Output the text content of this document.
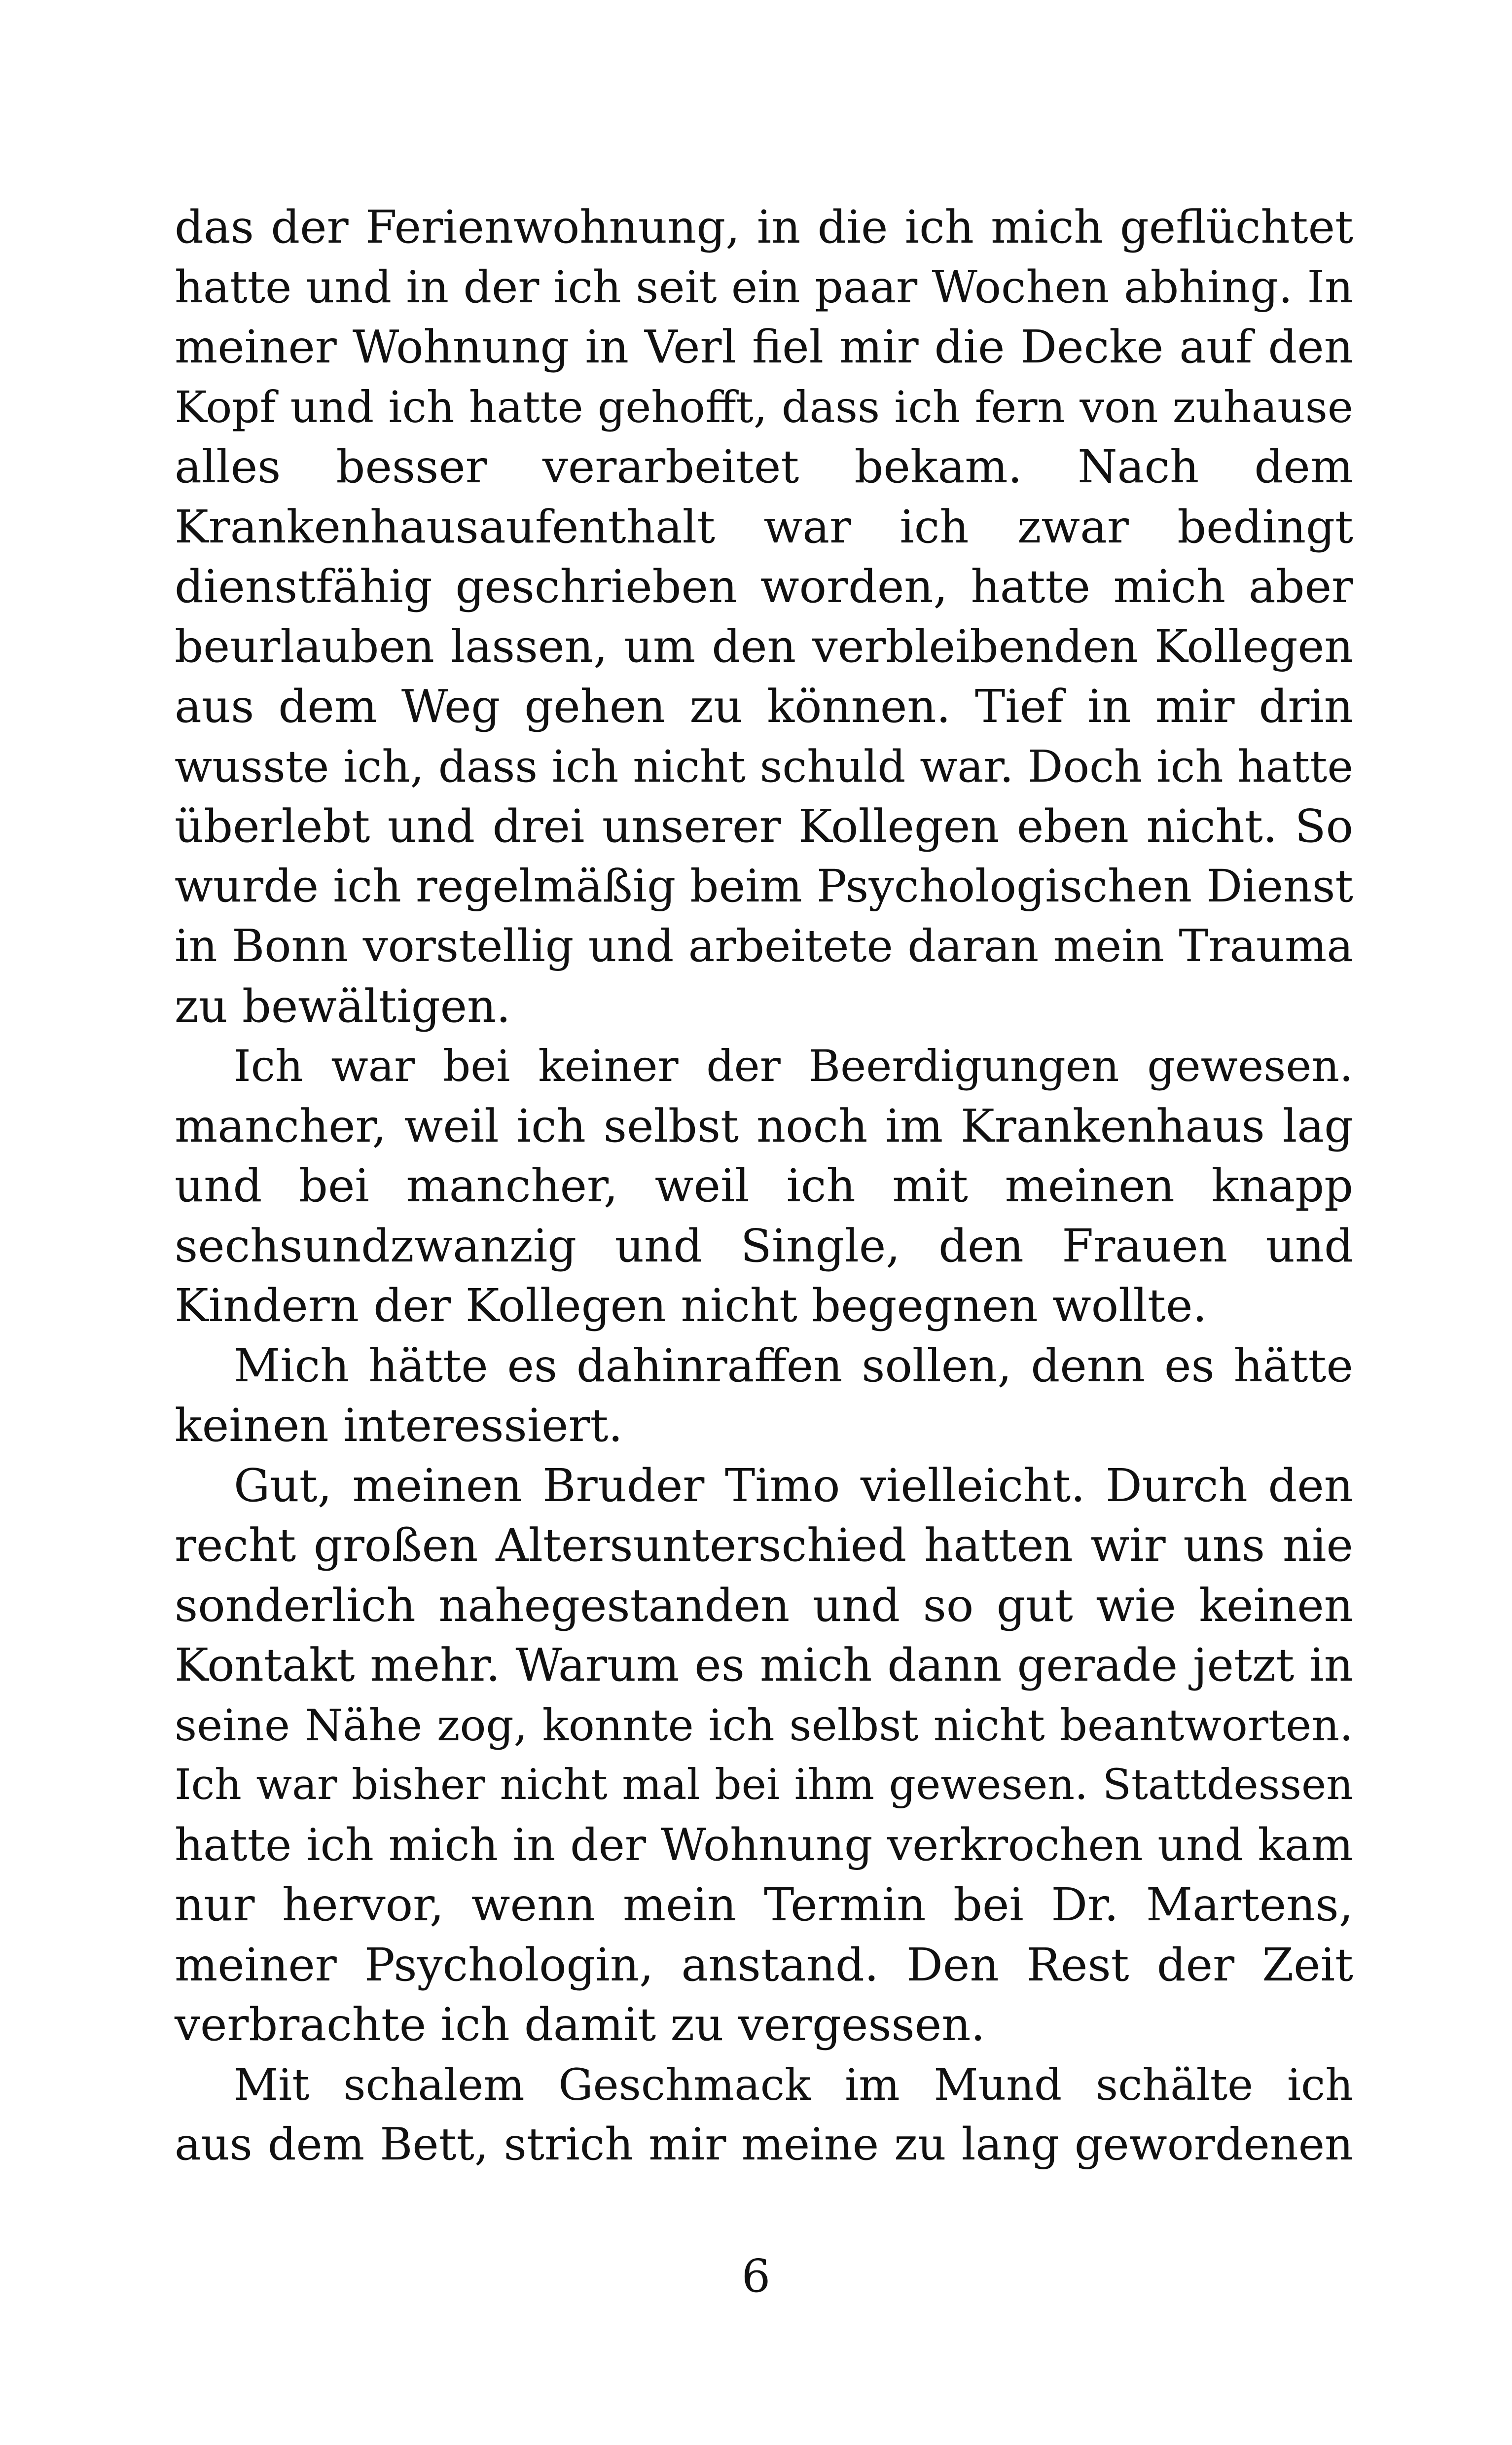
das der Ferienwohnung, in die ich mich geflüchtet
hatte und in der ich seit ein paar Wochen abhing. In
meiner Wohnung in Verl fiel mir die Decke auf den
Kopf und ich hatte gehofft, dass ich fern von zuhause
alles besser verarbeitet bekam. Nach dem
Krankenhausaufenthalt war ich zwar bedingt
dienstfähig geschrieben worden, hatte mich aber
beurlauben lassen, um den verbleibenden Kollegen
aus dem Weg gehen zu können. Tief in mir drin
wusste ich, dass ich nicht schuld war. Doch ich hatte
überlebt und drei unserer Kollegen eben nicht. So
wurde ich regelmäßig beim Psychologischen Dienst
in Bonn vorstellig und arbeitete daran mein Trauma
zu bewältigen.
Ich war bei keiner der Beerdigungen gewesen.
mancher, weil ich selbst noch im Krankenhaus lag
und bei mancher, weil ich mit meinen knapp
sechsundzwanzig und Single, den Frauen und
Kindern der Kollegen nicht begegnen wollte.
Mich hätte es dahinraffen sollen, denn es hätte
keinen interessiert.
Gut, meinen Bruder Timo vielleicht. Durch den
recht großen Altersunterschied hatten wir uns nie
sonderlich nahegestanden und so gut wie keinen
Kontakt mehr. Warum es mich dann gerade jetzt in
seine Nähe zog, konnte ich selbst nicht beantworten.
Ich war bisher nicht mal bei ihm gewesen. Stattdessen
hatte ich mich in der Wohnung verkrochen und kam
nur hervor, wenn mein Termin bei Dr. Martens,
meiner Psychologin, anstand. Den Rest der Zeit
verbrachte ich damit zu vergessen.
Mit schalem Geschmack im Mund schälte ich
aus dem Bett, strich mir meine zu lang gewordenen
6
